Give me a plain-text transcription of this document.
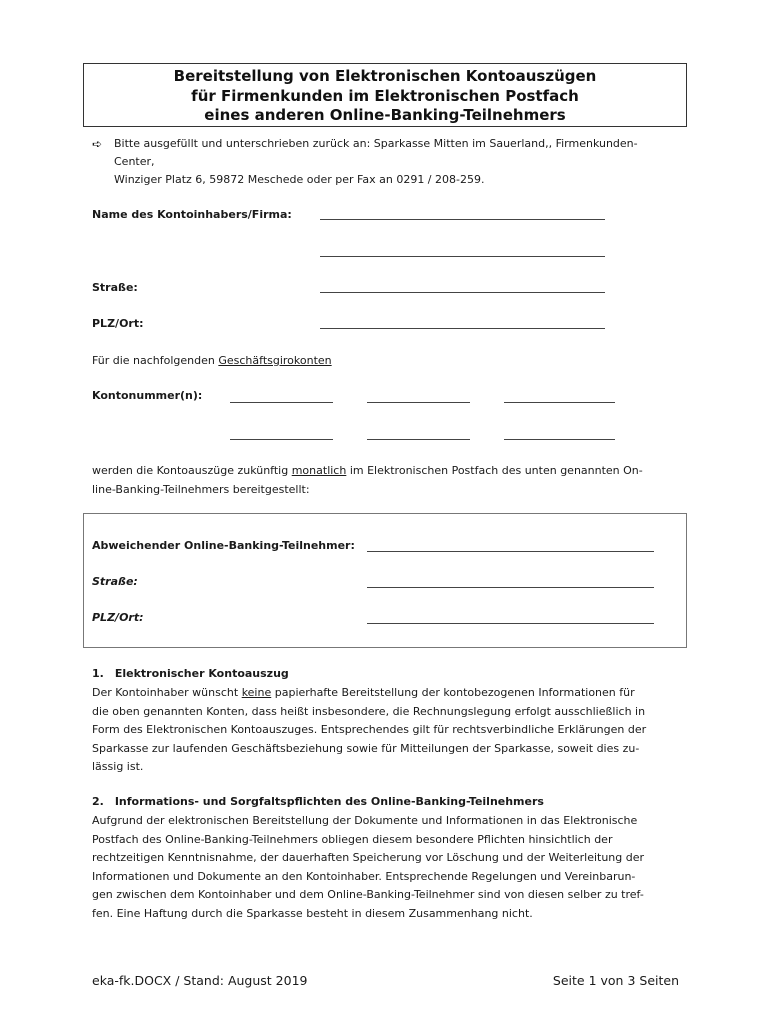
Bereitstellung von Elektronischen Kontoauszügen
für Firmenkunden im Elektronischen Postfach
eines anderen Online-Banking-Teilnehmers
➪ Bitte ausgefüllt und unterschrieben zurück an: Sparkasse Mitten im Sauerland,, Firmenkunden-
Center,
Winziger Platz 6, 59872 Meschede oder per Fax an 0291 / 208-259.
Name des Kontoinhabers/Firma:
Straße:
PLZ/Ort:
Für die nachfolgenden Geschäftsgirokonten
Kontonummer(n):
werden die Kontoauszüge zukünftig monatlich im Elektronischen Postfach des unten genannten On-
line-Banking-Teilnehmers bereitgestellt:
Abweichender Online-Banking-Teilnehmer:
Straße:
PLZ/Ort:
1. Elektronischer Kontoauszug
Der Kontoinhaber wünscht keine papierhafte Bereitstellung der kontobezogenen Informationen für
die oben genannten Konten, dass heißt insbesondere, die Rechnungslegung erfolgt ausschließlich in
Form des Elektronischen Kontoauszuges. Entsprechendes gilt für rechtsverbindliche Erklärungen der
Sparkasse zur laufenden Geschäftsbeziehung sowie für Mitteilungen der Sparkasse, soweit dies zu-
lässig ist.
2. Informations- und Sorgfaltspflichten des Online-Banking-Teilnehmers
Aufgrund der elektronischen Bereitstellung der Dokumente und Informationen in das Elektronische
Postfach des Online-Banking-Teilnehmers obliegen diesem besondere Pflichten hinsichtlich der
rechtzeitigen Kenntnisnahme, der dauerhaften Speicherung vor Löschung und der Weiterleitung der
Informationen und Dokumente an den Kontoinhaber. Entsprechende Regelungen und Vereinbarun-
gen zwischen dem Kontoinhaber und dem Online-Banking-Teilnehmer sind von diesen selber zu tref-
fen. Eine Haftung durch die Sparkasse besteht in diesem Zusammenhang nicht.
eka-fk.DOCX / Stand: August 2019	Seite 1 von 3 Seiten
